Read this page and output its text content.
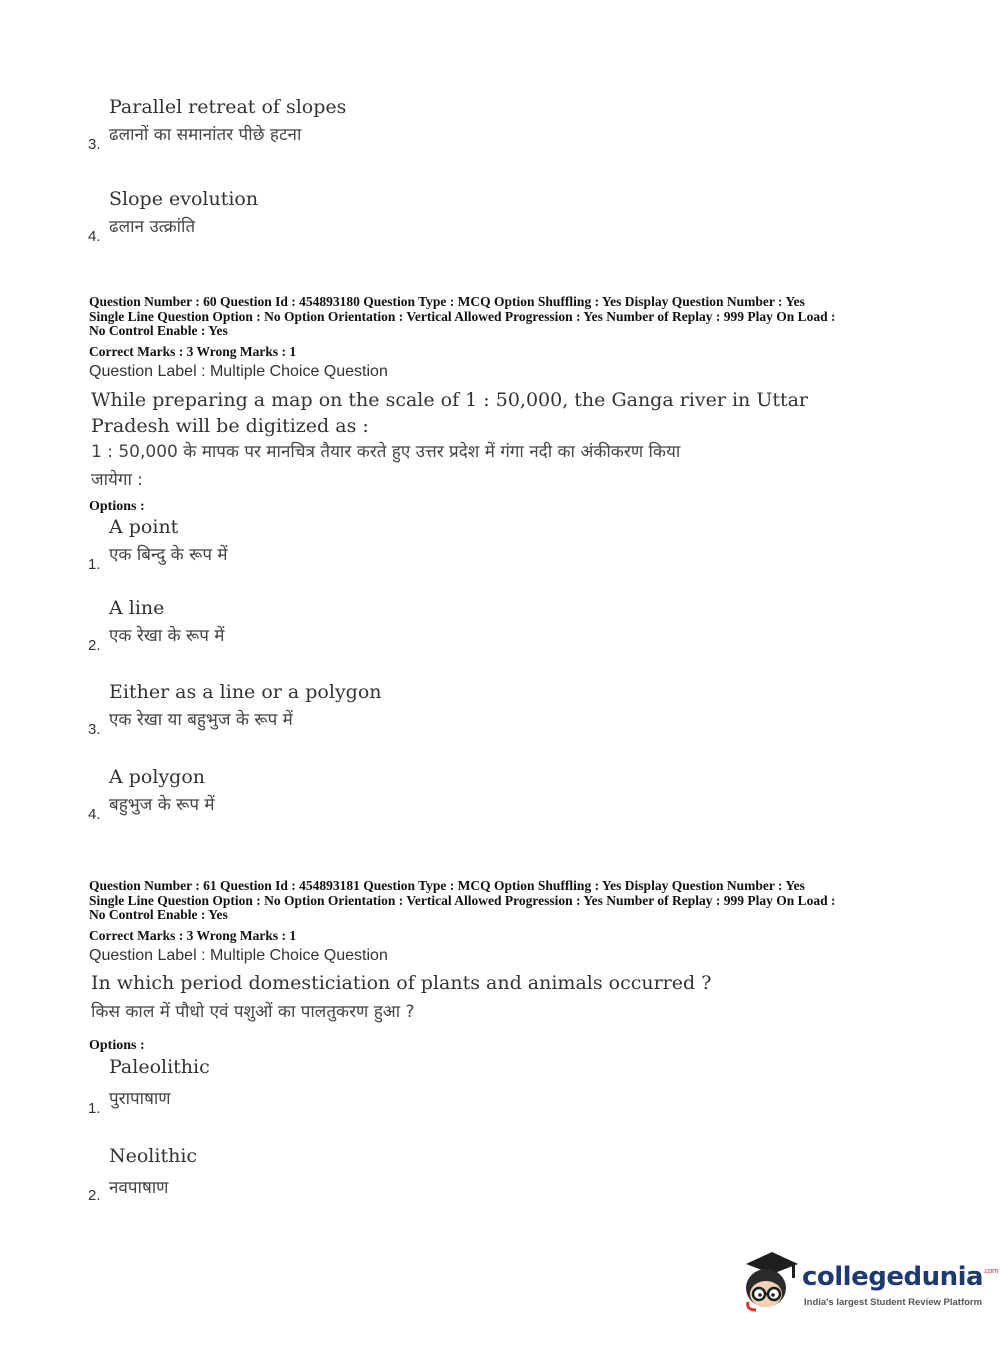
Parallel retreat of slopes
ढलानों का समानांतर पीछे हटना
3.
Slope evolution
ढलान उत्क्रांति
4.
Question Number : 60 Question Id : 454893180 Question Type : MCQ Option Shuffling : Yes Display Question Number : Yes
Single Line Question Option : No Option Orientation : Vertical Allowed Progression : Yes Number of Replay : 999 Play On Load :
No Control Enable : Yes
Correct Marks : 3 Wrong Marks : 1
Question Label : Multiple Choice Question
While preparing a map on the scale of 1 : 50,000, the Ganga river in Uttar
Pradesh will be digitized as :
1 : 50,000 के मापक पर मानचित्र तैयार करते हुए उत्तर प्रदेश में गंगा नदी का अंकीकरण किया
जायेगा :
Options :
A point
एक बिन्दु के रूप में
1.
A line
एक रेखा के रूप में
2.
Either as a line or a polygon
एक रेखा या बहुभुज के रूप में
3.
A polygon
बहुभुज के रूप में
4.
Question Number : 61 Question Id : 454893181 Question Type : MCQ Option Shuffling : Yes Display Question Number : Yes
Single Line Question Option : No Option Orientation : Vertical Allowed Progression : Yes Number of Replay : 999 Play On Load :
No Control Enable : Yes
Correct Marks : 3 Wrong Marks : 1
Question Label : Multiple Choice Question
In which period domesticiation of plants and animals occurred ?
किस काल में पौधो एवं पशुओं का पालतुकरण हुआ ?
Options :
Paleolithic
पुरापाषाण
1.
Neolithic
नवपाषाण
2.
collegedunia$^{.com}$
India's largest Student Review Platform
